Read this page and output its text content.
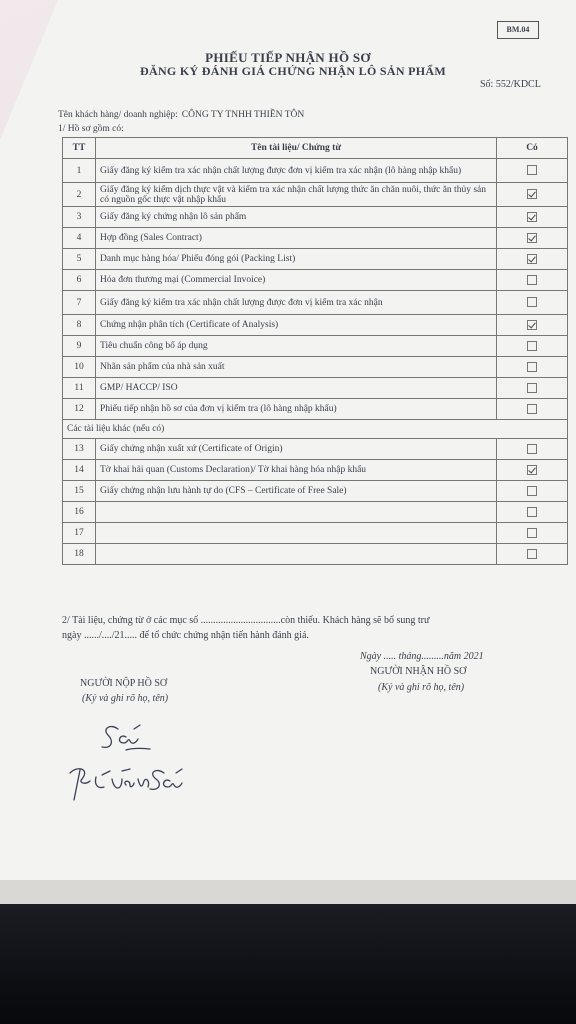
BM.04
PHIẾU TIẾP NHẬN HỒ SƠ
ĐĂNG KÝ ĐÁNH GIÁ CHỨNG NHẬN LÔ SẢN PHẨM
Số: 552/KDCL
Tên khách hàng/ doanh nghiệp: CÔNG TY TNHH THIỀN TÔN
1/ Hồ sơ gồm có:
TT	Tên tài liệu/ Chứng từ	Có
1	Giấy đăng ký kiểm tra xác nhận chất lượng được đơn vị kiểm tra xác nhận (lô hàng nhập khẩu)	
2	Giấy đăng ký kiểm dịch thực vật và kiểm tra xác nhận chất lượng thức ăn chăn nuôi, thức ăn thủy sản có nguồn gốc thực vật nhập khẩu	
3	Giấy đăng ký chứng nhận lô sản phẩm	
4	Hợp đồng (Sales Contract)	
5	Danh mục hàng hóa/ Phiếu đóng gói (Packing List)	
6	Hóa đơn thương mại (Commercial Invoice)	
7	Giấy đăng ký kiểm tra xác nhận chất lượng được đơn vị kiểm tra xác nhận	
8	Chứng nhận phân tích (Certificate of Analysis)	
9	Tiêu chuẩn công bố áp dụng	
10	Nhãn sản phẩm của nhà sản xuất	
11	GMP/ HACCP/ ISO	
12	Phiếu tiếp nhận hồ sơ của đơn vị kiểm tra (lô hàng nhập khẩu)	
Các tài liệu khác (nếu có)		
13	Giấy chứng nhận xuất xứ (Certificate of Origin)	
14	Tờ khai hải quan (Customs Declaration)/ Tờ khai hàng hóa nhập khẩu	
15	Giấy chứng nhận lưu hành tự do (CFS – Certificate of Free Sale)	
16		
17		
18		
2/ Tài liệu, chứng từ ở các mục số ................................còn thiếu. Khách hàng sẽ bổ sung trư
ngày ....../..../21..... để tổ chức chứng nhận tiến hành đánh giá.
Ngày ..... tháng.........năm 2021
NGƯỜI NHẬN HỒ SƠ
(Ký và ghi rõ họ, tên)
NGƯỜI NỘP HỒ SƠ
(Ký và ghi rõ họ, tên)
